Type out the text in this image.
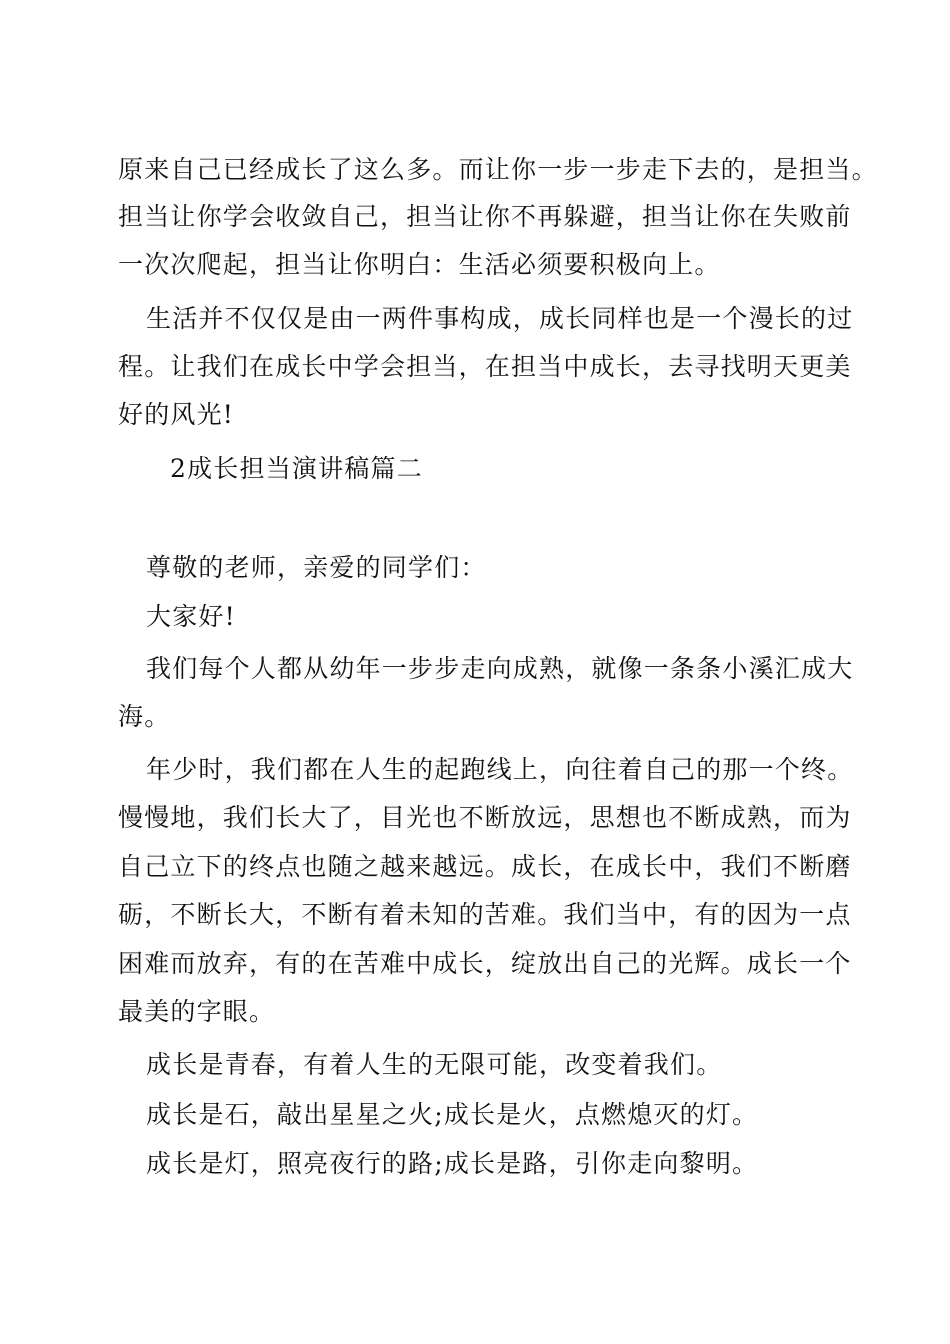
原来自己已经成长了这么多。而让你一步一步走下去的，是担当。
担当让你学会收敛自己，担当让你不再躲避，担当让你在失败前
一次次爬起，担当让你明白：生活必须要积极向上。
生活并不仅仅是由一两件事构成，成长同样也是一个漫长的过
程。让我们在成长中学会担当，在担当中成长，去寻找明天更美
好的风光!
2成长担当演讲稿篇二
尊敬的老师，亲爱的同学们：
大家好!
我们每个人都从幼年一步步走向成熟，就像一条条小溪汇成大
海。
年少时，我们都在人生的起跑线上，向往着自己的那一个终。
慢慢地，我们长大了，目光也不断放远，思想也不断成熟，而为
自己立下的终点也随之越来越远。成长，在成长中，我们不断磨
砺，不断长大，不断有着未知的苦难。我们当中，有的因为一点
困难而放弃，有的在苦难中成长，绽放出自己的光辉。成长一个
最美的字眼。
成长是青春，有着人生的无限可能，改变着我们。
成长是石，敲出星星之火;成长是火，点燃熄灭的灯。
成长是灯，照亮夜行的路;成长是路，引你走向黎明。
